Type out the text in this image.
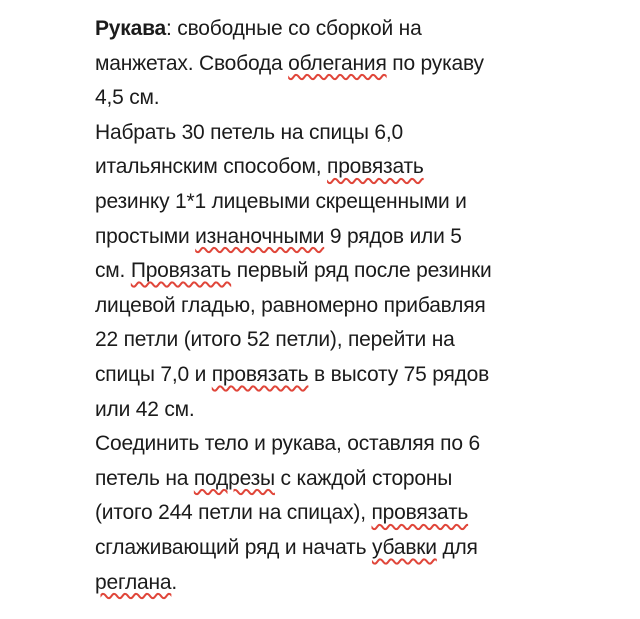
Рукава: свободные со сборкой на
манжетах. Свобода облегания по рукаву
4,5 см.
Набрать 30 петель на спицы 6,0
итальянским способом, провязать
резинку 1*1 лицевыми скрещенными и
простыми изнаночными 9 рядов или 5
см. Провязать первый ряд после резинки
лицевой гладью, равномерно прибавляя
22 петли (итого 52 петли), перейти на
спицы 7,0 и провязать в высоту 75 рядов
или 42 см.
Соединить тело и рукава, оставляя по 6
петель на подрезы с каждой стороны
(итого 244 петли на спицах), провязать
сглаживающий ряд и начать убавки для
реглана.
